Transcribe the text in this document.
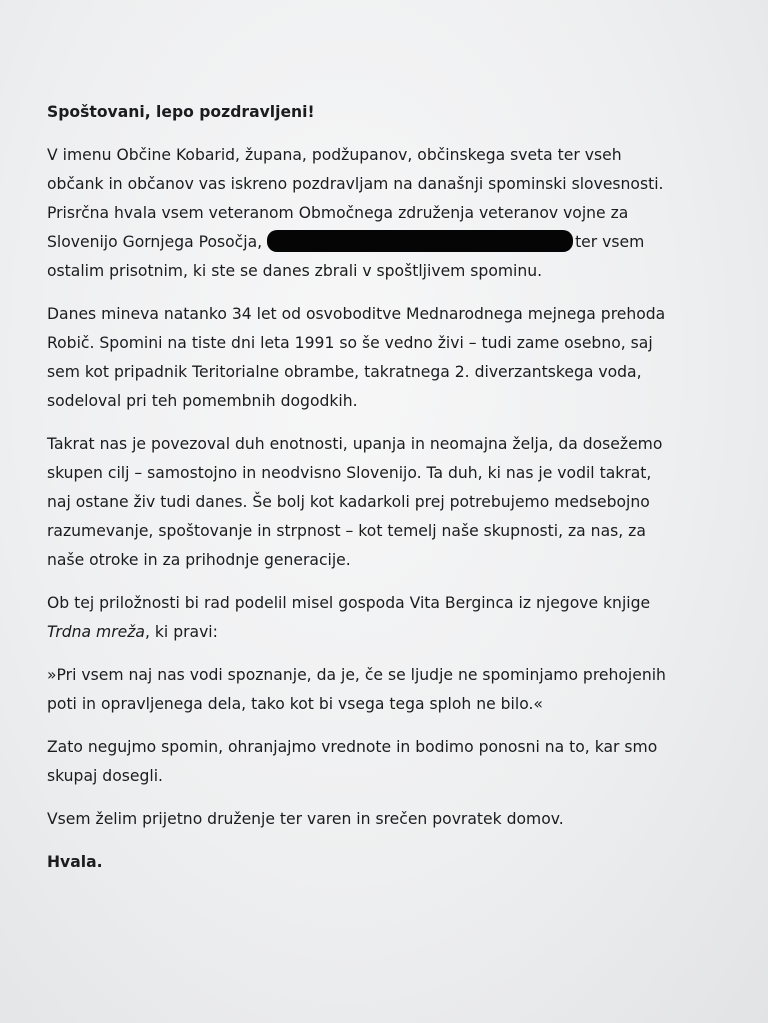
Spoštovani, lepo pozdravljeni!

V imenu Občine Kobarid, župana, podžupanov, občinskega sveta ter vseh
občank in občanov vas iskreno pozdravljam na današnji spominski slovesnosti.
Prisrčna hvala vsem veteranom Območnega združenja veteranov vojne za
Slovenijo Gornjega Posočja,	ter vsem
ostalim prisotnim, ki ste se danes zbrali v spoštljivem spominu.

Danes mineva natanko 34 let od osvoboditve Mednarodnega mejnega prehoda
Robič. Spomini na tiste dni leta 1991 so še vedno živi – tudi zame osebno, saj
sem kot pripadnik Teritorialne obrambe, takratnega 2. diverzantskega voda,
sodeloval pri teh pomembnih dogodkih.

Takrat nas je povezoval duh enotnosti, upanja in neomajna želja, da dosežemo
skupen cilj – samostojno in neodvisno Slovenijo. Ta duh, ki nas je vodil takrat,
naj ostane živ tudi danes. Še bolj kot kadarkoli prej potrebujemo medsebojno
razumevanje, spoštovanje in strpnost – kot temelj naše skupnosti, za nas, za
naše otroke in za prihodnje generacije.

Ob tej priložnosti bi rad podelil misel gospoda Vita Berginca iz njegove knjige
Trdna mreža, ki pravi:

»Pri vsem naj nas vodi spoznanje, da je, če se ljudje ne spominjamo prehojenih
poti in opravljenega dela, tako kot bi vsega tega sploh ne bilo.«

Zato negujmo spomin, ohranjajmo vrednote in bodimo ponosni na to, kar smo
skupaj dosegli.

Vsem želim prijetno druženje ter varen in srečen povratek domov.

Hvala.
